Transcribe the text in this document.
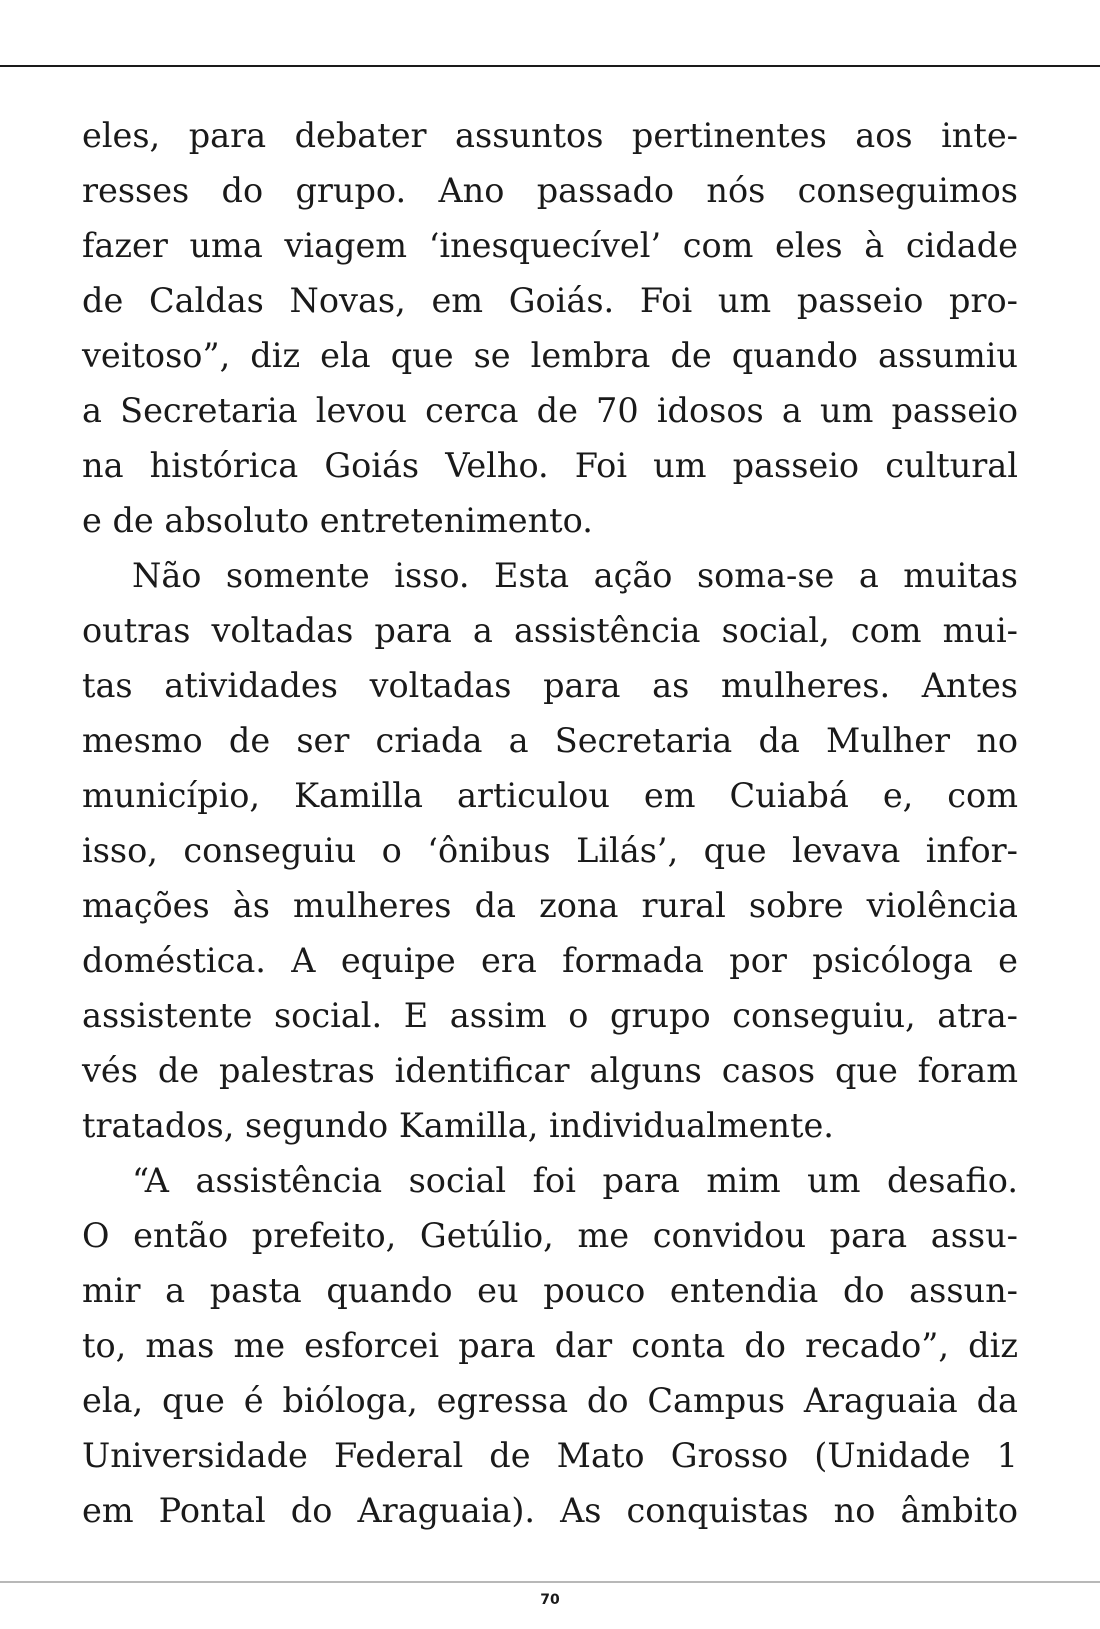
eles, para debater assuntos pertinentes aos inte-
resses do grupo. Ano passado nós conseguimos
fazer uma viagem ‘inesquecível’ com eles à cidade
de Caldas Novas, em Goiás. Foi um passeio pro-
veitoso”, diz ela que se lembra de quando assumiu
a Secretaria levou cerca de 70 idosos a um passeio
na histórica Goiás Velho. Foi um passeio cultural
e de absoluto entretenimento.
Não somente isso. Esta ação soma-se a muitas
outras voltadas para a assistência social, com mui-
tas atividades voltadas para as mulheres. Antes
mesmo de ser criada a Secretaria da Mulher no
município, Kamilla articulou em Cuiabá e, com
isso, conseguiu o ‘ônibus Lilás’, que levava infor-
mações às mulheres da zona rural sobre violência
doméstica. A equipe era formada por psicóloga e
assistente social. E assim o grupo conseguiu, atra-
vés de palestras identificar alguns casos que foram
tratados, segundo Kamilla, individualmente.
“A assistência social foi para mim um desafio.
O então prefeito, Getúlio, me convidou para assu-
mir a pasta quando eu pouco entendia do assun-
to, mas me esforcei para dar conta do recado”, diz
ela, que é bióloga, egressa do Campus Araguaia da
Universidade Federal de Mato Grosso (Unidade 1
em Pontal do Araguaia). As conquistas no âmbito
70
